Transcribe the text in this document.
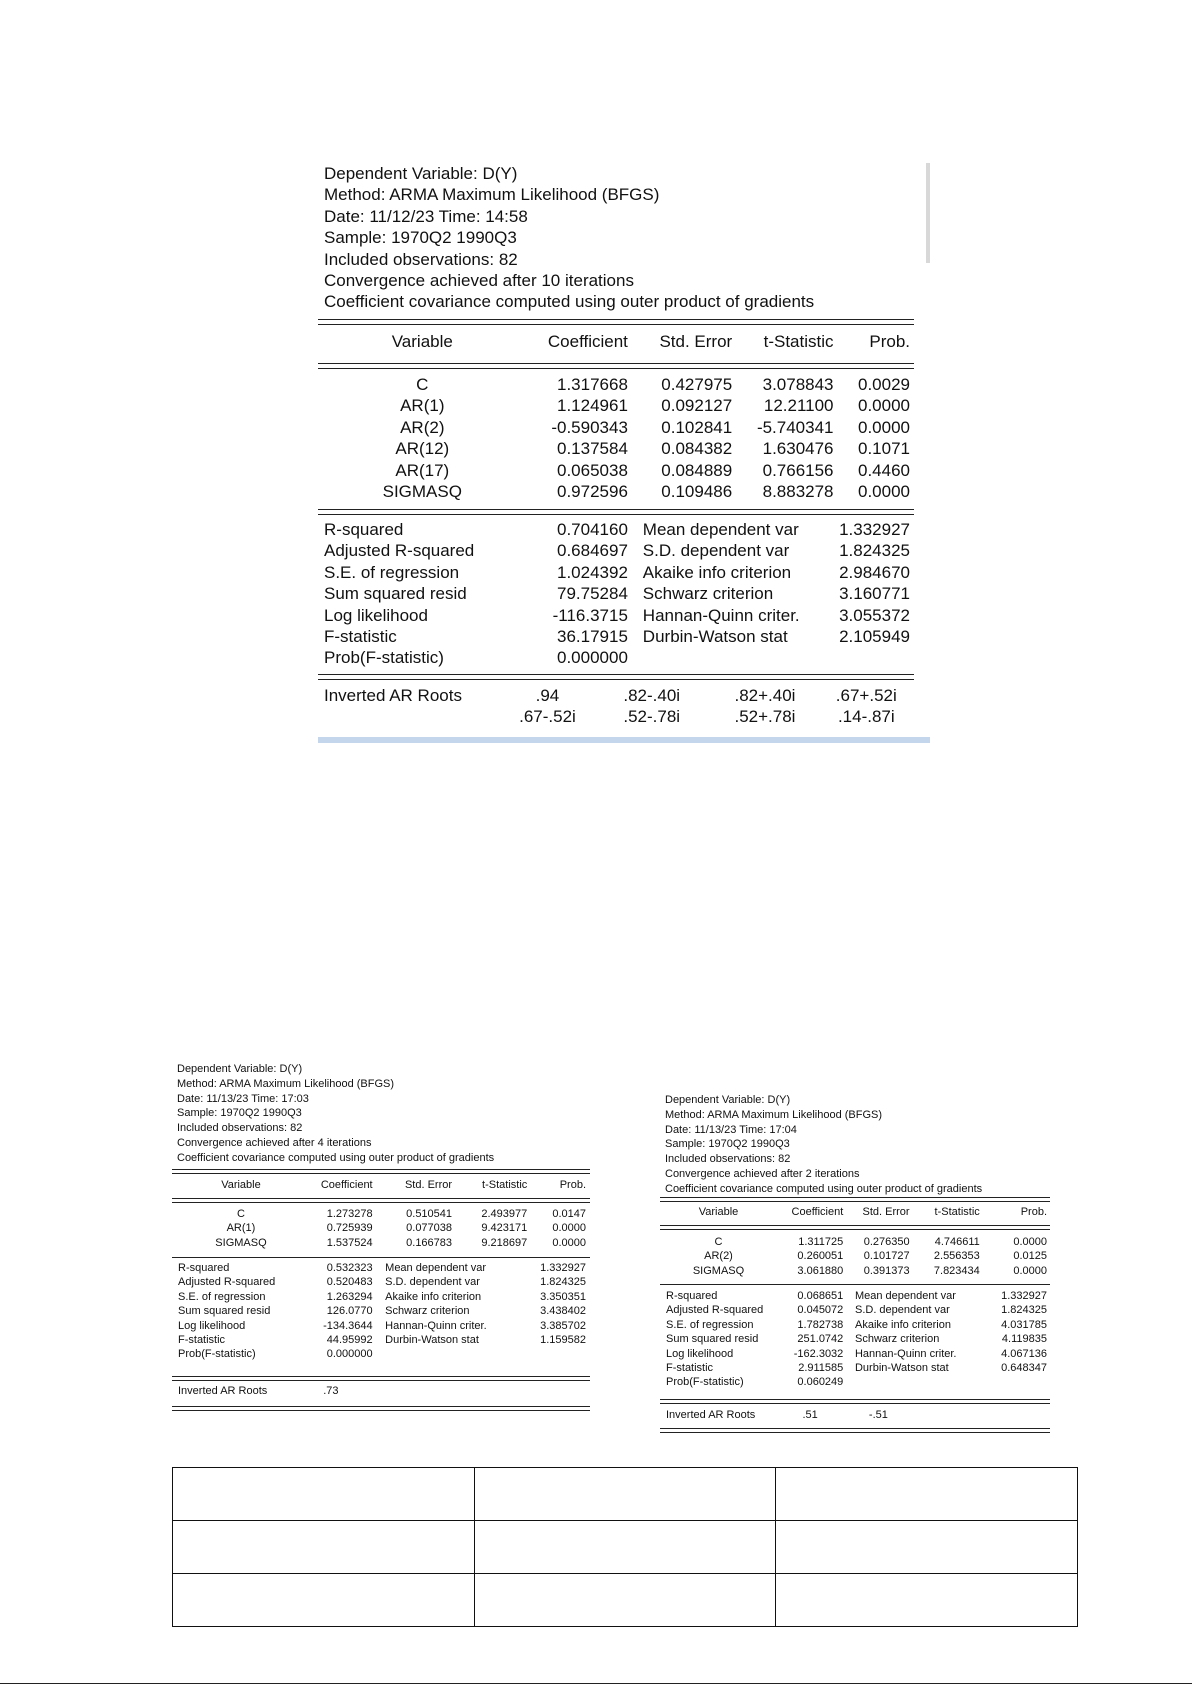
Dependent Variable: D(Y)
Method: ARMA Maximum Likelihood (BFGS)
Date: 11/12/23 Time: 14:58
Sample: 1970Q2 1990Q3
Included observations: 82
Convergence achieved after 10 iterations
Coefficient covariance computed using outer product of gradients
Variable	Coefficient	Std. Error	t-Statistic	Prob.
C	1.317668	0.427975	3.078843	0.0029
AR(1)	1.124961	0.092127	12.21100	0.0000
AR(2)	-0.590343	0.102841	-5.740341	0.0000
AR(12)	0.137584	0.084382	1.630476	0.1071
AR(17)	0.065038	0.084889	0.766156	0.4460
SIGMASQ	0.972596	0.109486	8.883278	0.0000
R-squared	0.704160		Mean dependent var	1.332927
Adjusted R-squared	0.684697		S.D. dependent var	1.824325
S.E. of regression	1.024392		Akaike info criterion	2.984670
Sum squared resid	79.75284		Schwarz criterion	3.160771
Log likelihood	-116.3715		Hannan-Quinn criter.	3.055372
F-statistic	36.17915		Durbin-Watson stat	2.105949
Prob(F-statistic)	0.000000			
Inverted AR Roots	.94	.82-.40i	.82+.40i	.67+.52i
	.67-.52i	.52-.78i	.52+.78i	.14-.87i
Dependent Variable: D(Y)
Method: ARMA Maximum Likelihood (BFGS)
Date: 11/13/23 Time: 17:03
Sample: 1970Q2 1990Q3
Included observations: 82
Convergence achieved after 4 iterations
Coefficient covariance computed using outer product of gradients
Variable	Coefficient	Std. Error	t-Statistic	Prob.
C	1.273278	0.510541	2.493977	0.0147
AR(1)	0.725939	0.077038	9.423171	0.0000
SIGMASQ	1.537524	0.166783	9.218697	0.0000
R-squared	0.532323		Mean dependent var	1.332927
Adjusted R-squared	0.520483		S.D. dependent var	1.824325
S.E. of regression	1.263294		Akaike info criterion	3.350351
Sum squared resid	126.0770		Schwarz criterion	3.438402
Log likelihood	-134.3644		Hannan-Quinn criter.	3.385702
F-statistic	44.95992		Durbin-Watson stat	1.159582
Prob(F-statistic)	0.000000			
Inverted AR Roots	.73			
Dependent Variable: D(Y)
Method: ARMA Maximum Likelihood (BFGS)
Date: 11/13/23 Time: 17:04
Sample: 1970Q2 1990Q3
Included observations: 82
Convergence achieved after 2 iterations
Coefficient covariance computed using outer product of gradients
Variable	Coefficient	Std. Error	t-Statistic	Prob.
C	1.311725	0.276350	4.746611	0.0000
AR(2)	0.260051	0.101727	2.556353	0.0125
SIGMASQ	3.061880	0.391373	7.823434	0.0000
R-squared	0.068651		Mean dependent var	1.332927
Adjusted R-squared	0.045072		S.D. dependent var	1.824325
S.E. of regression	1.782738		Akaike info criterion	4.031785
Sum squared resid	251.0742		Schwarz criterion	4.119835
Log likelihood	-162.3032		Hannan-Quinn criter.	4.067136
F-statistic	2.911585		Durbin-Watson stat	0.648347
Prob(F-statistic)	0.060249			
Inverted AR Roots	.51	-.51		
